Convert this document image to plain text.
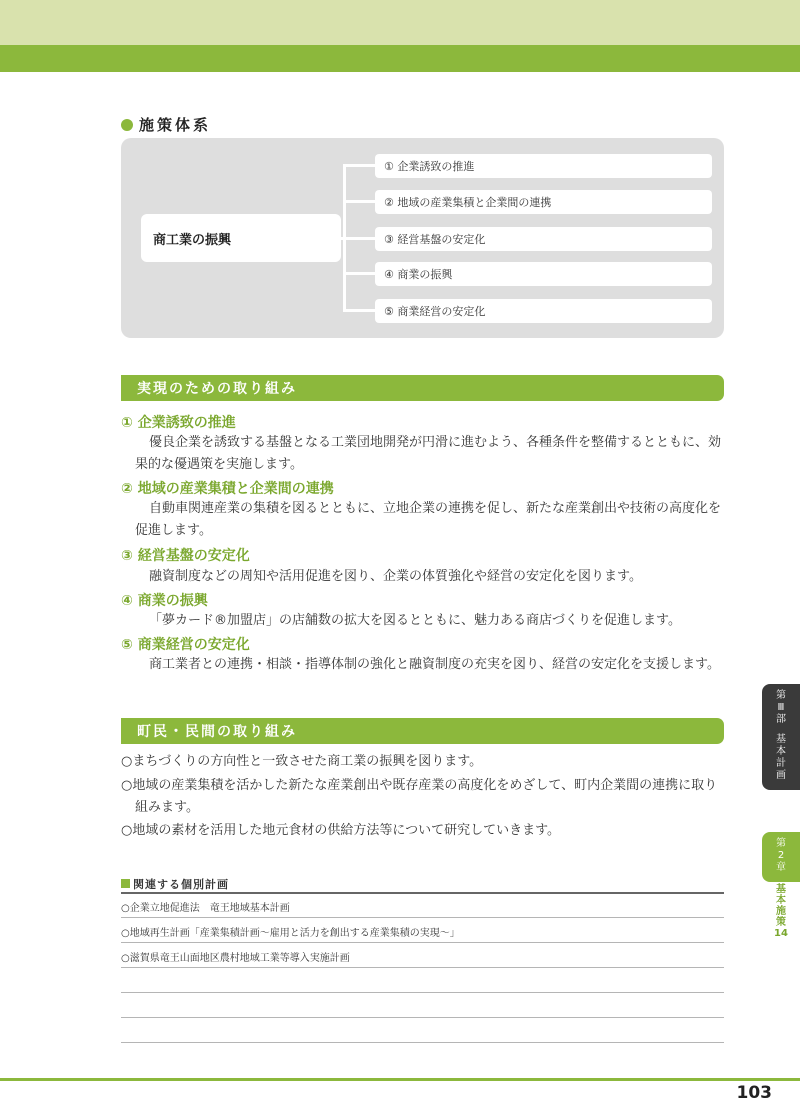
施策体系
商工業の振興
① 企業誘致の推進
② 地域の産業集積と企業間の連携
③ 経営基盤の安定化
④ 商業の振興
⑤ 商業経営の安定化
実現のための取り組み
① 企業誘致の推進
優良企業を誘致する基盤となる工業団地開発が円滑に進むよう、各種条件を整備するとともに、効果的な優遇策を実施します。
② 地域の産業集積と企業間の連携
自動車関連産業の集積を図るとともに、立地企業の連携を促し、新たな産業創出や技術の高度化を促進します。
③ 経営基盤の安定化
融資制度などの周知や活用促進を図り、企業の体質強化や経営の安定化を図ります。
④ 商業の振興
「夢カード®加盟店」の店舗数の拡大を図るとともに、魅力ある商店づくりを促進します。
⑤ 商業経営の安定化
商工業者との連携・相談・指導体制の強化と融資制度の充実を図り、経営の安定化を支援します。
町民・民間の取り組み
○まちづくりの方向性と一致させた商工業の振興を図ります。
○地域の産業集積を活かした新たな産業創出や既存産業の高度化をめざして、町内企業間の連携に取り組みます。
○地域の素材を活用した地元食材の供給方法等について研究していきます。
関連する個別計画
○企業立地促進法　竜王地域基本計画
○地域再生計画「産業集積計画～雇用と活力を創出する産業集積の実現～」
○滋賀県竜王山面地区農村地域工業等導入実施計画
第
Ⅲ
部
基
本
計
画
第
2
章
基
本
施
策
14
103
